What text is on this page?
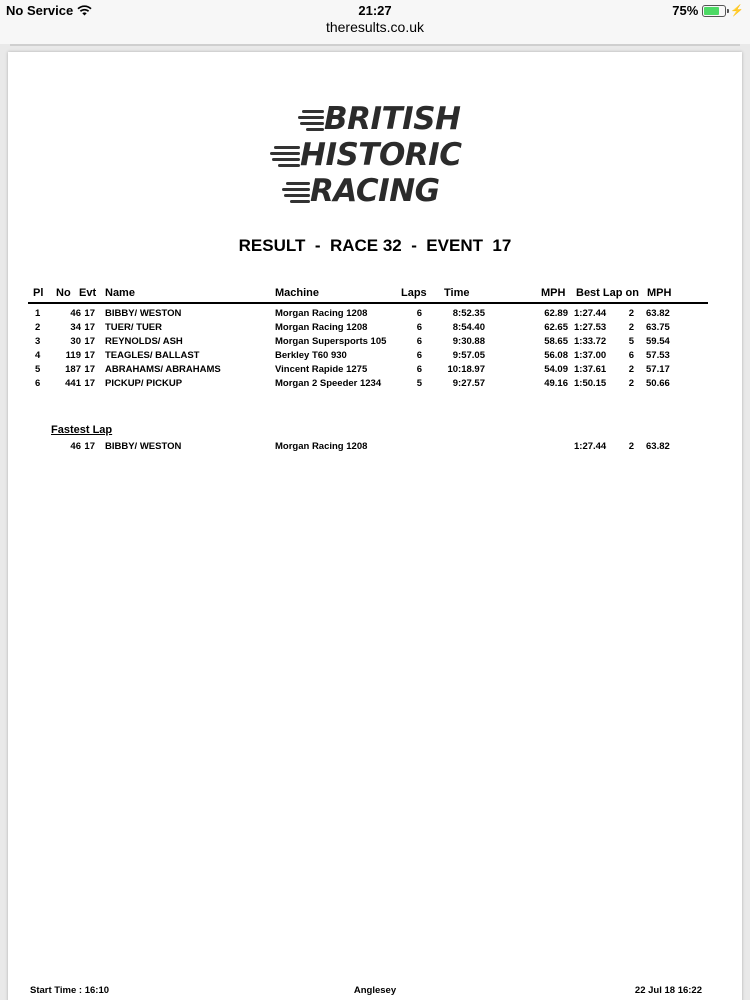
No Service	21:27
theresults.co.uk
75%	⚡
BRITISH
HISTORIC
RACING
RESULT  -  RACE 32  -  EVENT  17
Pl No Evt Name	Machine	Laps Time	MPH Best Lap on MPH
1	46 17 BIBBY/ WESTON	Morgan Racing 1208	6	8:52.35	62.89 1:27.44	2 63.82
2	34 17 TUER/ TUER	Morgan Racing 1208	6	8:54.40	62.65 1:27.53	2 63.75
3	30 17 REYNOLDS/ ASH	Morgan Supersports 105	6	9:30.88	58.65 1:33.72	5 59.54
4	119 17 TEAGLES/ BALLAST	Berkley T60 930	6	9:57.05	56.08 1:37.00	6 57.53
5	187 17 ABRAHAMS/ ABRAHAMS	Vincent Rapide 1275	6	10:18.97	54.09 1:37.61	2 57.17
6	441 17 PICKUP/ PICKUP	Morgan 2 Speeder 1234	5	9:27.57	49.16 1:50.15	2 50.66
Fastest Lap
46 17 BIBBY/ WESTON	Morgan Racing 1208	1:27.44	2 63.82
Start Time : 16:10	Anglesey	22 Jul 18 16:22
